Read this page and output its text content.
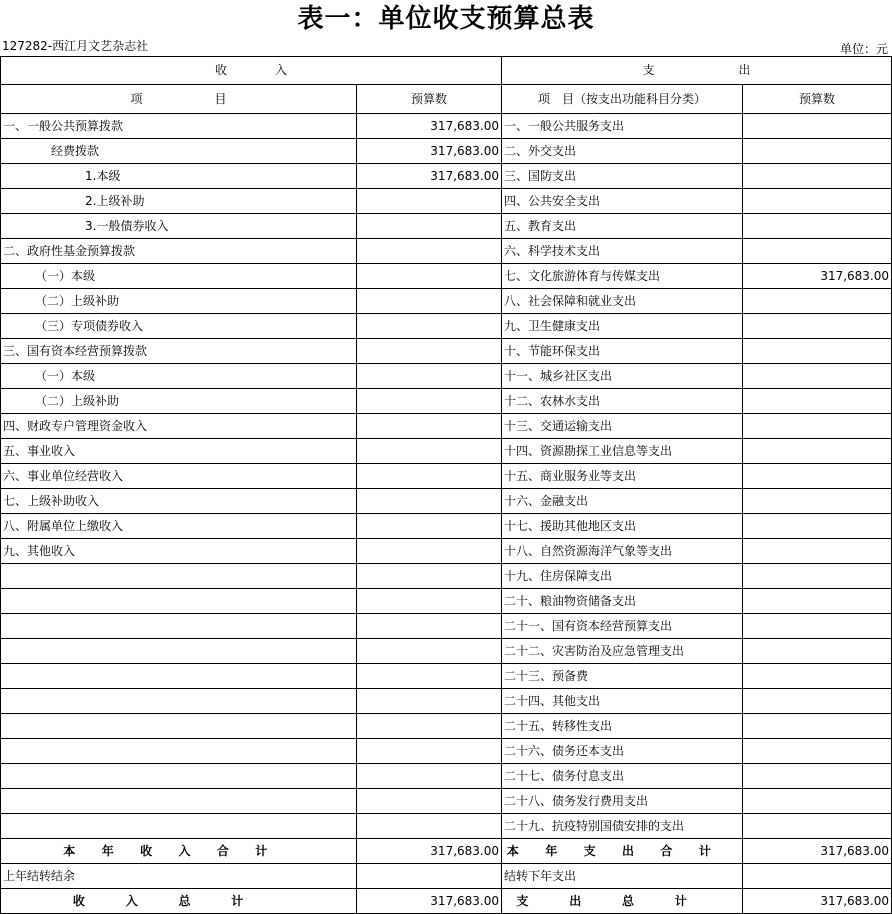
表一：单位收支预算总表
127282-西江月文艺杂志社	单位：元
收　　　　入		支　　　　　　　出	
项　　　　　　目	预算数	项　目（按支出功能科目分类）	预算数
一、一般公共预算拨款	317,683.00	一、一般公共服务支出	
经费拨款	317,683.00	二、外交支出	
1.本级	317,683.00	三、国防支出	
2.上级补助		四、公共安全支出	
3.一般债券收入		五、教育支出	
二、政府性基金预算拨款		六、科学技术支出	
（一）本级		七、文化旅游体育与传媒支出	317,683.00
（二）上级补助		八、社会保障和就业支出	
（三）专项债券收入		九、卫生健康支出	
三、国有资本经营预算拨款		十、节能环保支出	
（一）本级		十一、城乡社区支出	
（二）上级补助		十二、农林水支出	
四、财政专户管理资金收入		十三、交通运输支出	
五、事业收入		十四、资源勘探工业信息等支出	
六、事业单位经营收入		十五、商业服务业等支出	
七、上级补助收入		十六、金融支出	
八、附属单位上缴收入		十七、援助其他地区支出	
九、其他收入		十八、自然资源海洋气象等支出	
		十九、住房保障支出	
		二十、粮油物资储备支出	
		二十一、国有资本经营预算支出	
		二十二、灾害防治及应急管理支出	
		二十三、预备费	
		二十四、其他支出	
		二十五、转移性支出	
		二十六、债务还本支出	
		二十七、债务付息支出	
		二十八、债务发行费用支出	
		二十九、抗疫特别国债安排的支出	
本年收入合计	317,683.00	本年支出合计	317,683.00
上年结转结余		结转下年支出	
收入总计	317,683.00	支出总计	317,683.00
